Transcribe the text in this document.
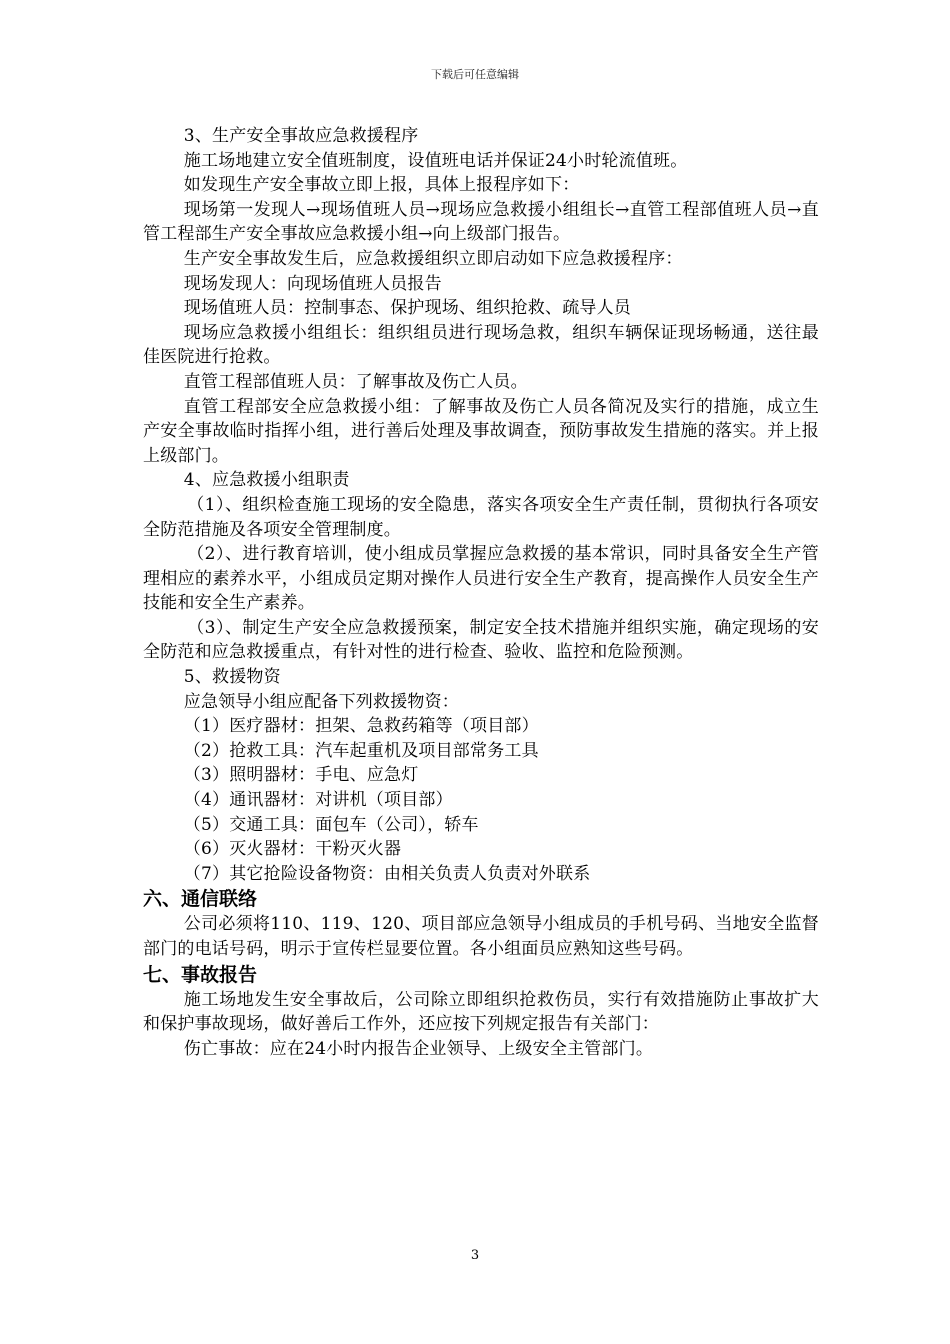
下载后可任意编辑

3、生产安全事故应急救援程序

施工场地建立安全值班制度，设值班电话并保证24小时轮流值班。

如发现生产安全事故立即上报，具体上报程序如下：

现场第一发现人→现场值班人员→现场应急救援小组组长→直管工程部值班人员→直管工程部生产安全事故应急救援小组→向上级部门报告。

生产安全事故发生后，应急救援组织立即启动如下应急救援程序：

现场发现人：向现场值班人员报告

现场值班人员：控制事态、保护现场、组织抢救、疏导人员

现场应急救援小组组长：组织组员进行现场急救，组织车辆保证现场畅通，送往最佳医院进行抢救。

直管工程部值班人员：了解事故及伤亡人员。

直管工程部安全应急救援小组：了解事故及伤亡人员各简况及实行的措施，成立生产安全事故临时指挥小组，进行善后处理及事故调查，预防事故发生措施的落实。并上报上级部门。

4、应急救援小组职责

（1）、组织检查施工现场的安全隐患，落实各项安全生产责任制，贯彻执行各项安全防范措施及各项安全管理制度。

（2）、进行教育培训，使小组成员掌握应急救援的基本常识，同时具备安全生产管理相应的素养水平，小组成员定期对操作人员进行安全生产教育，提高操作人员安全生产技能和安全生产素养。

（3）、制定生产安全应急救援预案，制定安全技术措施并组织实施，确定现场的安全防范和应急救援重点，有针对性的进行检查、验收、监控和危险预测。

5、救援物资

应急领导小组应配备下列救援物资：

（1）医疗器材：担架、急救药箱等（项目部）

（2）抢救工具：汽车起重机及项目部常务工具

（3）照明器材：手电、应急灯

（4）通讯器材：对讲机（项目部）

（5）交通工具：面包车（公司），轿车

（6）灭火器材：干粉灭火器

（7）其它抢险设备物资：由相关负责人负责对外联系

六、通信联络

公司必须将110、119、120、项目部应急领导小组成员的手机号码、当地安全监督部门的电话号码，明示于宣传栏显要位置。各小组面员应熟知这些号码。

七、事故报告

施工场地发生安全事故后，公司除立即组织抢救伤员，实行有效措施防止事故扩大和保护事故现场，做好善后工作外，还应按下列规定报告有关部门：

伤亡事故：应在24小时内报告企业领导、上级安全主管部门。

3
